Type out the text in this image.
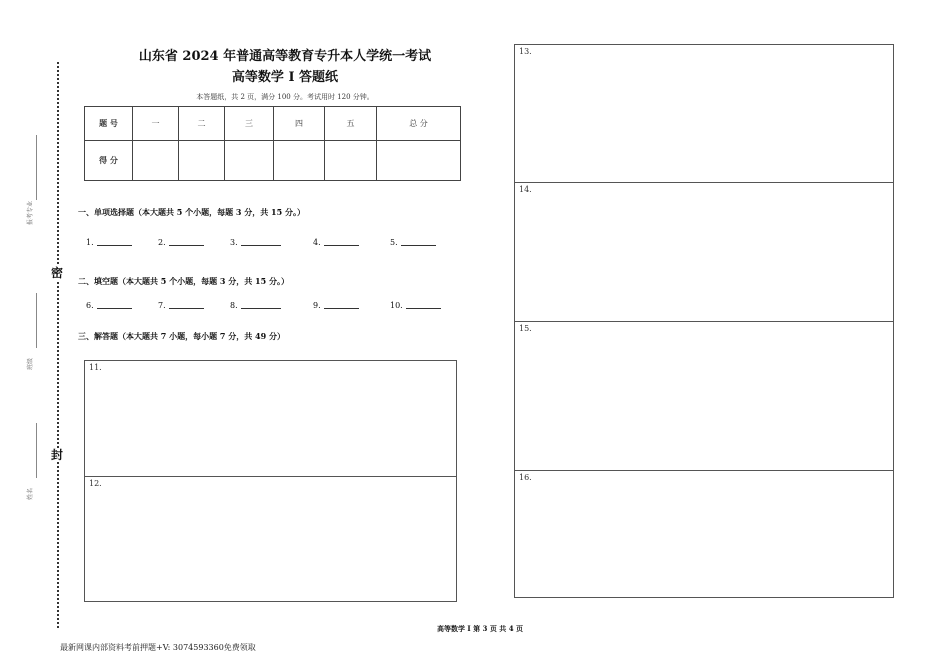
密
封
报考专业
班级
姓名
山东省 2024 年普通高等教育专升本人学统一考试
高等数学 I 答题纸
本答题纸，共 2 页，满分 100 分。考试用时 120 分钟。
题 号	一	二	三	四	五	总 分
得 分						
一、单项选择题（本大题共 5 个小题，每题 3 分，共 15 分。）
1.	2.	3.	4.	5.
二、填空题（本大题共 5 个小题，每题 3 分，共 15 分。）
6.	7.	8.	9.	10.
三、解答题（本大题共 7 小题，每小题 7 分，共 49 分）
11.
12.
13.
14.
15.
16.
高等数学 I 第 3 页 共 4 页
最新网课内部资料考前押题+V: 3074593360免费领取
